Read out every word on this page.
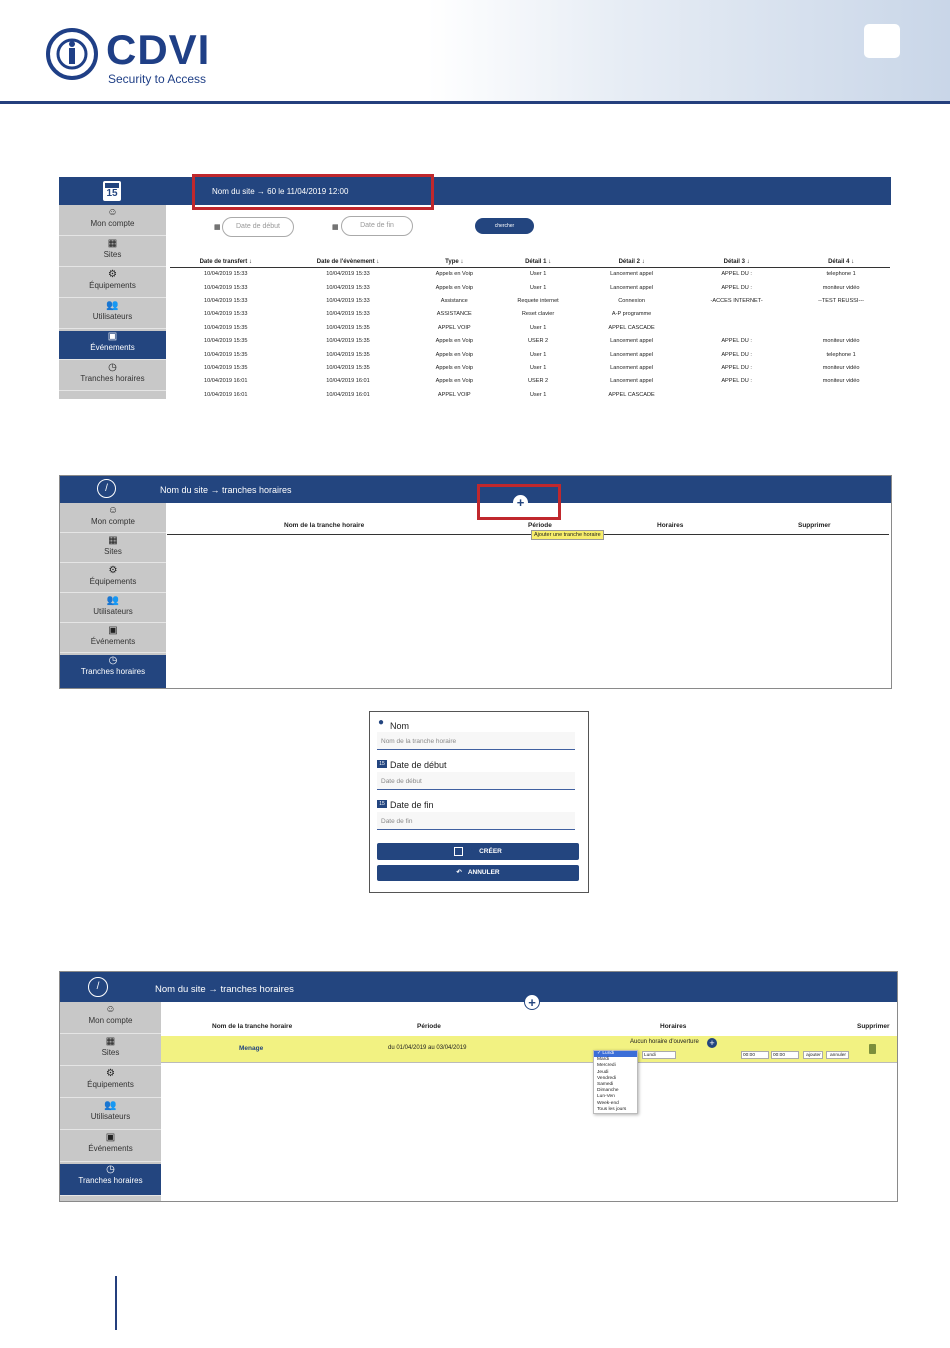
CDVI
Security to Access
15	Nom du site → 60 le 11/04/2019 12:00
☺
Mon compte
▦
Sites
⚙
Équipements
👥
Utilisateurs
▣
Événements
◷
Tranches horaires
▦	Date de début	▦	Date de fin	chercher
Date de transfert ↓	Date de l'évènement ↓	Type ↓	Détail 1 ↓	Détail 2 ↓	Détail 3 ↓	Détail 4 ↓
10/04/2019 15:33	10/04/2019 15:33	Appels en Voip	User 1	Lancement appel	APPEL DU :	telephone 1
10/04/2019 15:33	10/04/2019 15:33	Appels en Voip	User 1	Lancement appel	APPEL DU :	moniteur vidéo
10/04/2019 15:33	10/04/2019 15:33	Assistance	Requete internet	Connexion	-ACCES INTERNET-	--TEST REUSSI---
10/04/2019 15:33	10/04/2019 15:33	ASSISTANCE	Reset clavier	A-P programme		
10/04/2019 15:35	10/04/2019 15:35	APPEL VOIP	User 1	APPEL CASCADE		
10/04/2019 15:35	10/04/2019 15:35	Appels en Voip	USER 2	Lancement appel	APPEL DU :	moniteur vidéo
10/04/2019 15:35	10/04/2019 15:35	Appels en Voip	User 1	Lancement appel	APPEL DU :	telephone 1
10/04/2019 15:35	10/04/2019 15:35	Appels en Voip	User 1	Lancement appel	APPEL DU :	moniteur vidéo
10/04/2019 16:01	10/04/2019 16:01	Appels en Voip	USER 2	Lancement appel	APPEL DU :	moniteur vidéo
10/04/2019 16:01	10/04/2019 16:01	APPEL VOIP	User 1	APPEL CASCADE		
/	Nom du site → tranches horaires
+
☺
Mon compte
▦
Sites
⚙
Équipements
👥
Utilisateurs
▣
Événements
◷
Tranches horaires
Nom de la tranche horaire	Période	Horaires	Supprimer
Ajouter une tranche horaire
● Nom
Nom de la tranche horaire
15 Date de début
Date de début
15 Date de fin
Date de fin
CRÉER
↶ ANNULER
/	Nom du site → tranches horaires
+
☺
Mon compte
▦
Sites
⚙
Équipements
👥
Utilisateurs
▣
Événements
◷
Tranches horaires
Nom de la tranche horaire	Période	Horaires	Supprimer
Menage	du 01/04/2019 au 03/04/2019
Aucun horaire d'ouverture +
Lundi	00:00	00:00	ajouter	annuler
✓ Lundi
Mardi
Mercredi
Jeudi
Vendredi
Samedi
Dimanche
Lun-Ven
Week-end
Tous les jours
